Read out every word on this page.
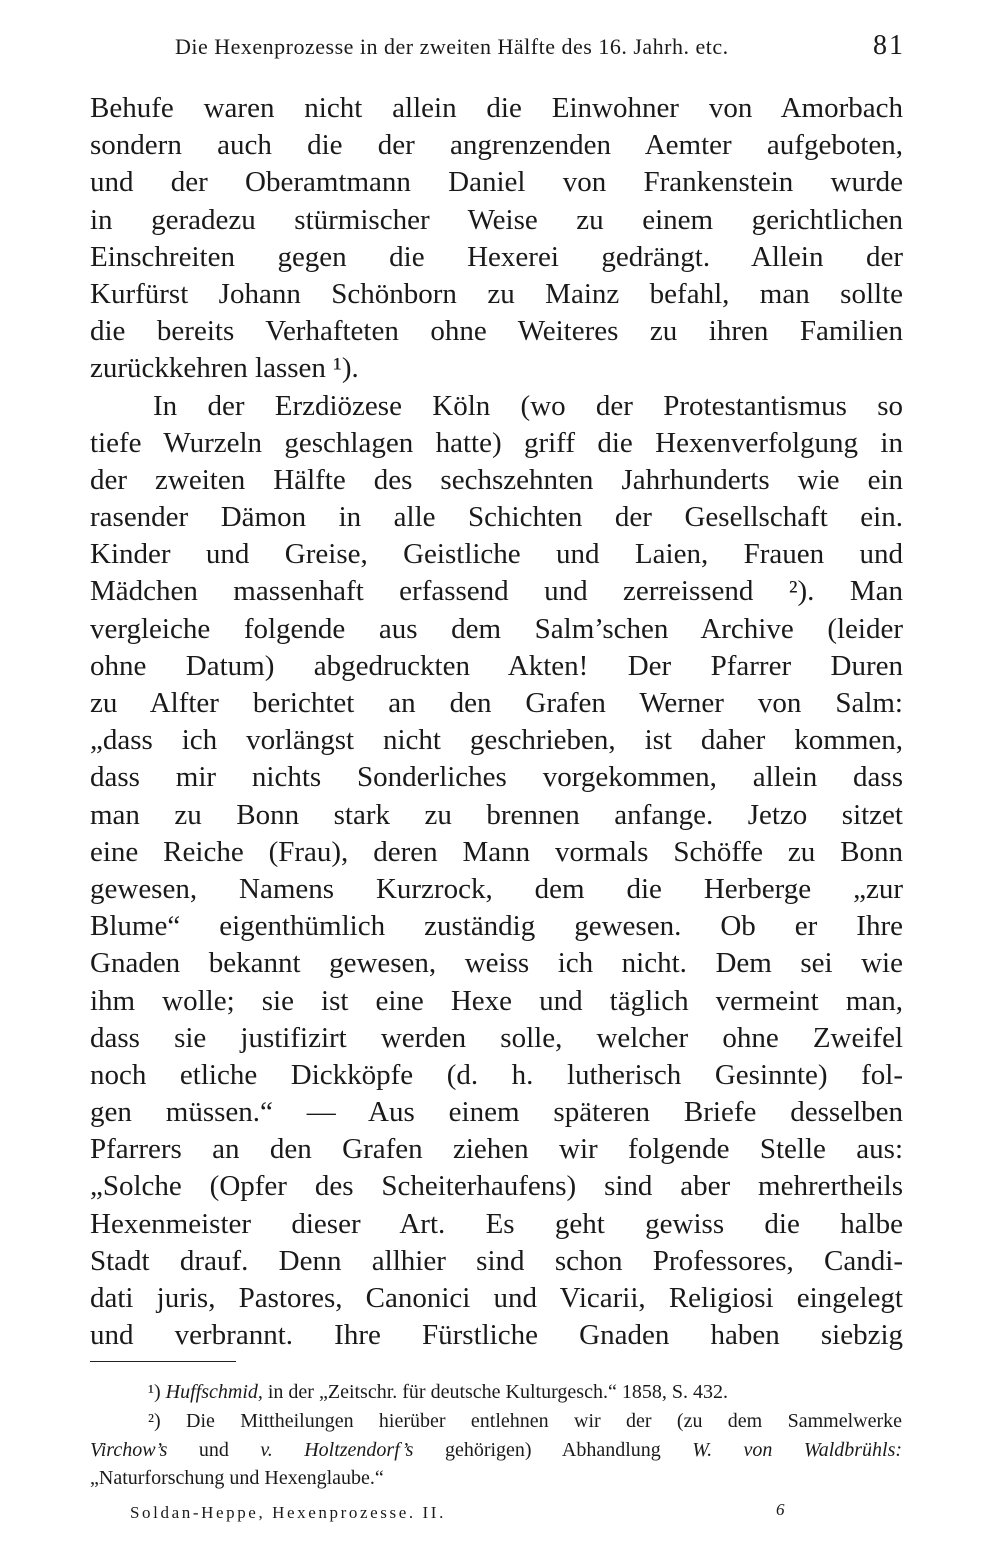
Die Hexenprozesse in der zweiten Hälfte des 16. Jahrh. etc.	81
Behufe waren nicht allein die Einwohner von Amorbach
sondern auch die der angrenzenden Aemter aufgeboten,
und der Oberamtmann Daniel von Frankenstein wurde
in geradezu stürmischer Weise zu einem gerichtlichen
Einschreiten gegen die Hexerei gedrängt. Allein der
Kurfürst Johann Schönborn zu Mainz befahl, man sollte
die bereits Verhafteten ohne Weiteres zu ihren Familien
zurückkehren lassen ¹).
In der Erzdiözese Köln (wo der Protestantismus so
tiefe Wurzeln geschlagen hatte) griff die Hexenverfolgung in
der zweiten Hälfte des sechszehnten Jahrhunderts wie ein
rasender Dämon in alle Schichten der Gesellschaft ein.
Kinder und Greise, Geistliche und Laien, Frauen und
Mädchen massenhaft erfassend und zerreissend ²). Man
vergleiche folgende aus dem Salm’schen Archive (leider
ohne Datum) abgedruckten Akten! Der Pfarrer Duren
zu Alfter berichtet an den Grafen Werner von Salm:
„dass ich vorlängst nicht geschrieben, ist daher kommen,
dass mir nichts Sonderliches vorgekommen, allein dass
man zu Bonn stark zu brennen anfange. Jetzo sitzet
eine Reiche (Frau), deren Mann vormals Schöffe zu Bonn
gewesen, Namens Kurzrock, dem die Herberge „zur
Blume“ eigenthümlich zuständig gewesen. Ob er Ihre
Gnaden bekannt gewesen, weiss ich nicht. Dem sei wie
ihm wolle; sie ist eine Hexe und täglich vermeint man,
dass sie justifizirt werden solle, welcher ohne Zweifel
noch etliche Dickköpfe (d. h. lutherisch Gesinnte) fol-
gen müssen.“ — Aus einem späteren Briefe desselben
Pfarrers an den Grafen ziehen wir folgende Stelle aus:
„Solche (Opfer des Scheiterhaufens) sind aber mehrertheils
Hexenmeister dieser Art. Es geht gewiss die halbe
Stadt drauf. Denn allhier sind schon Professores, Candi-
dati juris, Pastores, Canonici und Vicarii, Religiosi eingelegt
und verbrannt. Ihre Fürstliche Gnaden haben siebzig
¹) Huffschmid, in der „Zeitschr. für deutsche Kulturgesch.“ 1858, S. 432.
²) Die Mittheilungen hierüber entlehnen wir der (zu dem Sammelwerke
Virchow’s und v. Holtzendorf’s gehörigen) Abhandlung W. von Waldbrühls:
„Naturforschung und Hexenglaube.“
Soldan-Heppe, Hexenprozesse. II.	6
